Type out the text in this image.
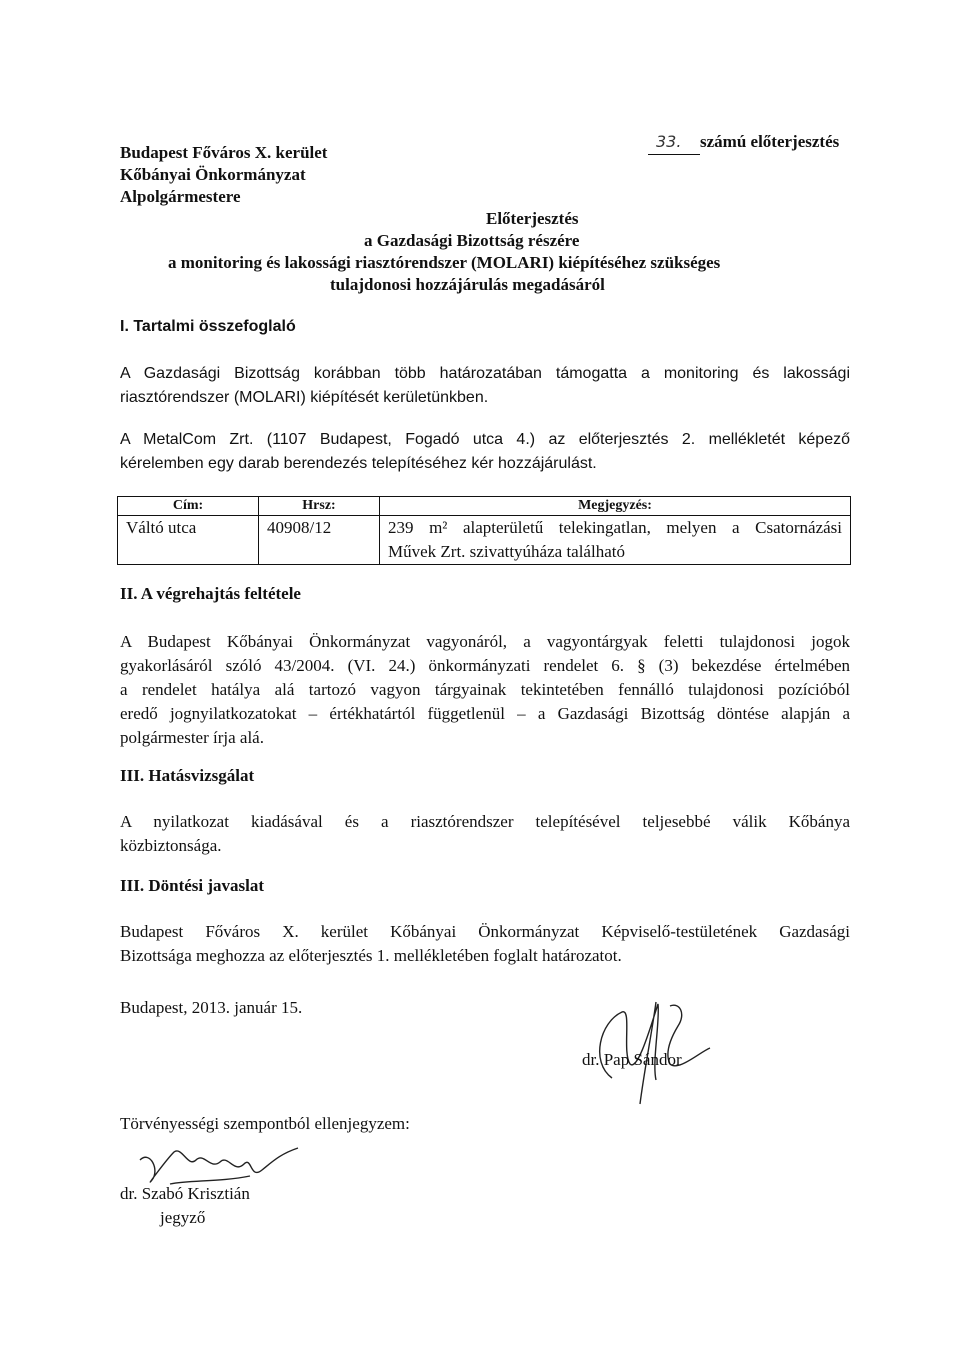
Budapest Főváros X. kerület
Kőbányai Önkormányzat
Alpolgármestere
33. számú előterjesztés
Előterjesztés
a Gazdasági Bizottság részére
a monitoring és lakossági riasztórendszer (MOLARI) kiépítéséhez szükséges
tulajdonosi hozzájárulás megadásáról
I. Tartalmi összefoglaló
A Gazdasági Bizottság korábban több határozatában támogatta a monitoring és lakossági
riasztórendszer (MOLARI) kiépítését kerületünkben.
A MetalCom Zrt. (1107 Budapest, Fogadó utca 4.) az előterjesztés 2. mellékletét képező
kérelemben egy darab berendezés telepítéséhez kér hozzájárulást.
Cím:	Hrsz:	Megjegyzés:
Váltó utca	40908/12	239 m² alapterületű telekingatlan, melyen a Csatornázási
Művek Zrt. szivattyúháza található
II. A végrehajtás feltétele
A Budapest Kőbányai Önkormányzat vagyonáról, a vagyontárgyak feletti tulajdonosi jogok
gyakorlásáról szóló 43/2004. (VI. 24.) önkormányzati rendelet 6. § (3) bekezdése értelmében
a rendelet hatálya alá tartozó vagyon tárgyainak tekintetében fennálló tulajdonosi pozícióból
eredő jognyilatkozatokat – értékhatártól függetlenül – a Gazdasági Bizottság döntése alapján a
polgármester írja alá.
III. Hatásvizsgálat
A nyilatkozat kiadásával és a riasztórendszer telepítésével teljesebbé válik Kőbánya
közbiztonsága.
III. Döntési javaslat
Budapest Főváros X. kerület Kőbányai Önkormányzat Képviselő-testületének Gazdasági
Bizottsága meghozza az előterjesztés 1. mellékletében foglalt határozatot.
Budapest, 2013. január 15.
dr. Pap Sándor
Törvényességi szempontból ellenjegyzem:
dr. Szabó Krisztián
jegyző
